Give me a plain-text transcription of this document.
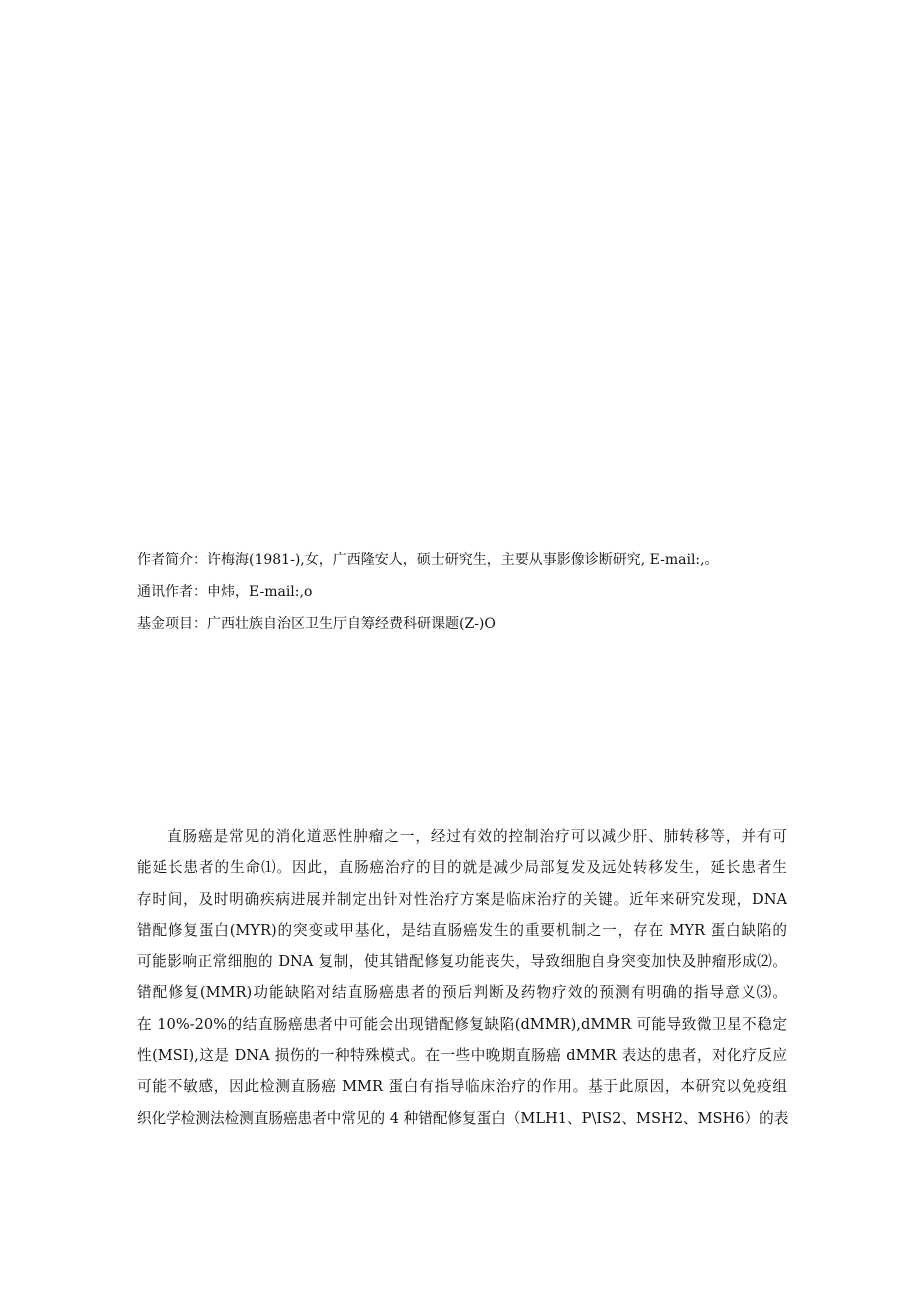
作者简介：许梅海(1981-),女，广西隆安人，硕士研究生，主要从事影像诊断研究, E-mail:,。
通讯作者：申炜，E-mail:,o
基金项目：广西壮族自治区卫生厅自筹经费科研课题(Z-)O
直肠癌是常见的消化道恶性肿瘤之一，经过有效的控制治疗可以减少肝、肺转移等，并有可
能延长患者的生命⑴。因此，直肠癌治疗的目的就是减少局部复发及远处转移发生，延长患者生
存时间，及时明确疾病进展并制定出针对性治疗方案是临床治疗的关键。近年来研究发现，DNA
错配修复蛋白(MYR)的突变或甲基化，是结直肠癌发生的重要机制之一，存在 MYR 蛋白缺陷的
可能影响正常细胞的 DNA 复制，使其错配修复功能丧失，导致细胞自身突变加快及肿瘤形成⑵。
错配修复(MMR)功能缺陷对结直肠癌患者的预后判断及药物疗效的预测有明确的指导意义⑶。
在 10%-20%的结直肠癌患者中可能会出现错配修复缺陷(dMMR),dMMR 可能导致微卫星不稳定
性(MSI),这是 DNA 损伤的一种特殊模式。在一些中晚期直肠癌 dMMR 表达的患者，对化疗反应
可能不敏感，因此检测直肠癌 MMR 蛋白有指导临床治疗的作用。基于此原因，本研究以免疫组
织化学检测法检测直肠癌患者中常见的 4 种错配修复蛋白（MLH1、P\IS2、MSH2、MSH6）的表
